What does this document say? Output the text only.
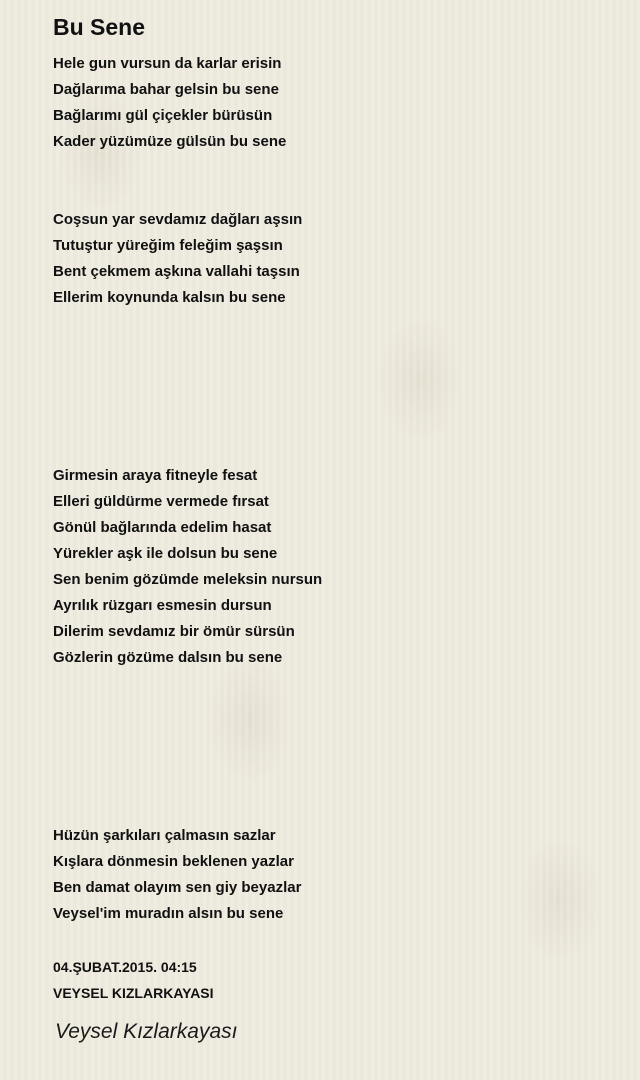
Bu Sene
Hele gun vursun da karlar erisin
Dağlarıma bahar gelsin bu sene
Bağlarımı gül çiçekler bürüsün
Kader yüzümüze gülsün bu sene
Coşsun yar sevdamız dağları aşsın
Tutuştur yüreğim feleğim şaşsın
Bent çekmem aşkına vallahi taşsın
Ellerim koynunda kalsın bu sene
Girmesin araya fitneyle fesat
Elleri güldürme vermede fırsat
Gönül bağlarında edelim hasat
Yürekler aşk ile dolsun bu sene
Sen benim gözümde meleksin nursun
Ayrılık rüzgarı esmesin dursun
Dilerim sevdamız bir ömür sürsün
Gözlerin gözüme dalsın bu sene
Hüzün şarkıları çalmasın sazlar
Kışlara dönmesin beklenen yazlar
Ben damat olayım sen giy beyazlar
Veysel'im muradın alsın bu sene
04.ŞUBAT.2015. 04:15
VEYSEL KIZLARKAYASI
Veysel Kızlarkayası
